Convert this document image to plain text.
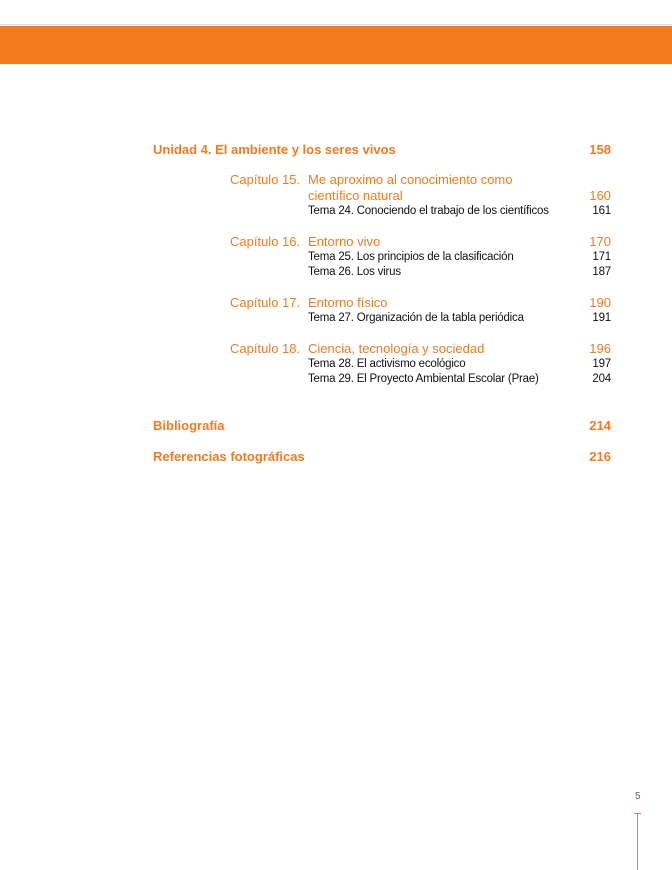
Unidad 4. El ambiente y los seres vivos	158
Capítulo 15. Me aproximo al conocimiento como
científico natural	160
Tema 24. Conociendo el trabajo de los científicos	161
Capítulo 16. Entorno vivo	170
Tema 25. Los principios de la clasificación	171
Tema 26. Los virus	187
Capítulo 17. Entorno físico	190
Tema 27. Organización de la tabla periódica	191
Capítulo 18. Ciencia, tecnología y sociedad	196
Tema 28. El activismo ecológico	197
Tema 29. El Proyecto Ambiental Escolar (Prae)	204
Bibliografía	214
Referencias fotográficas	216
5
